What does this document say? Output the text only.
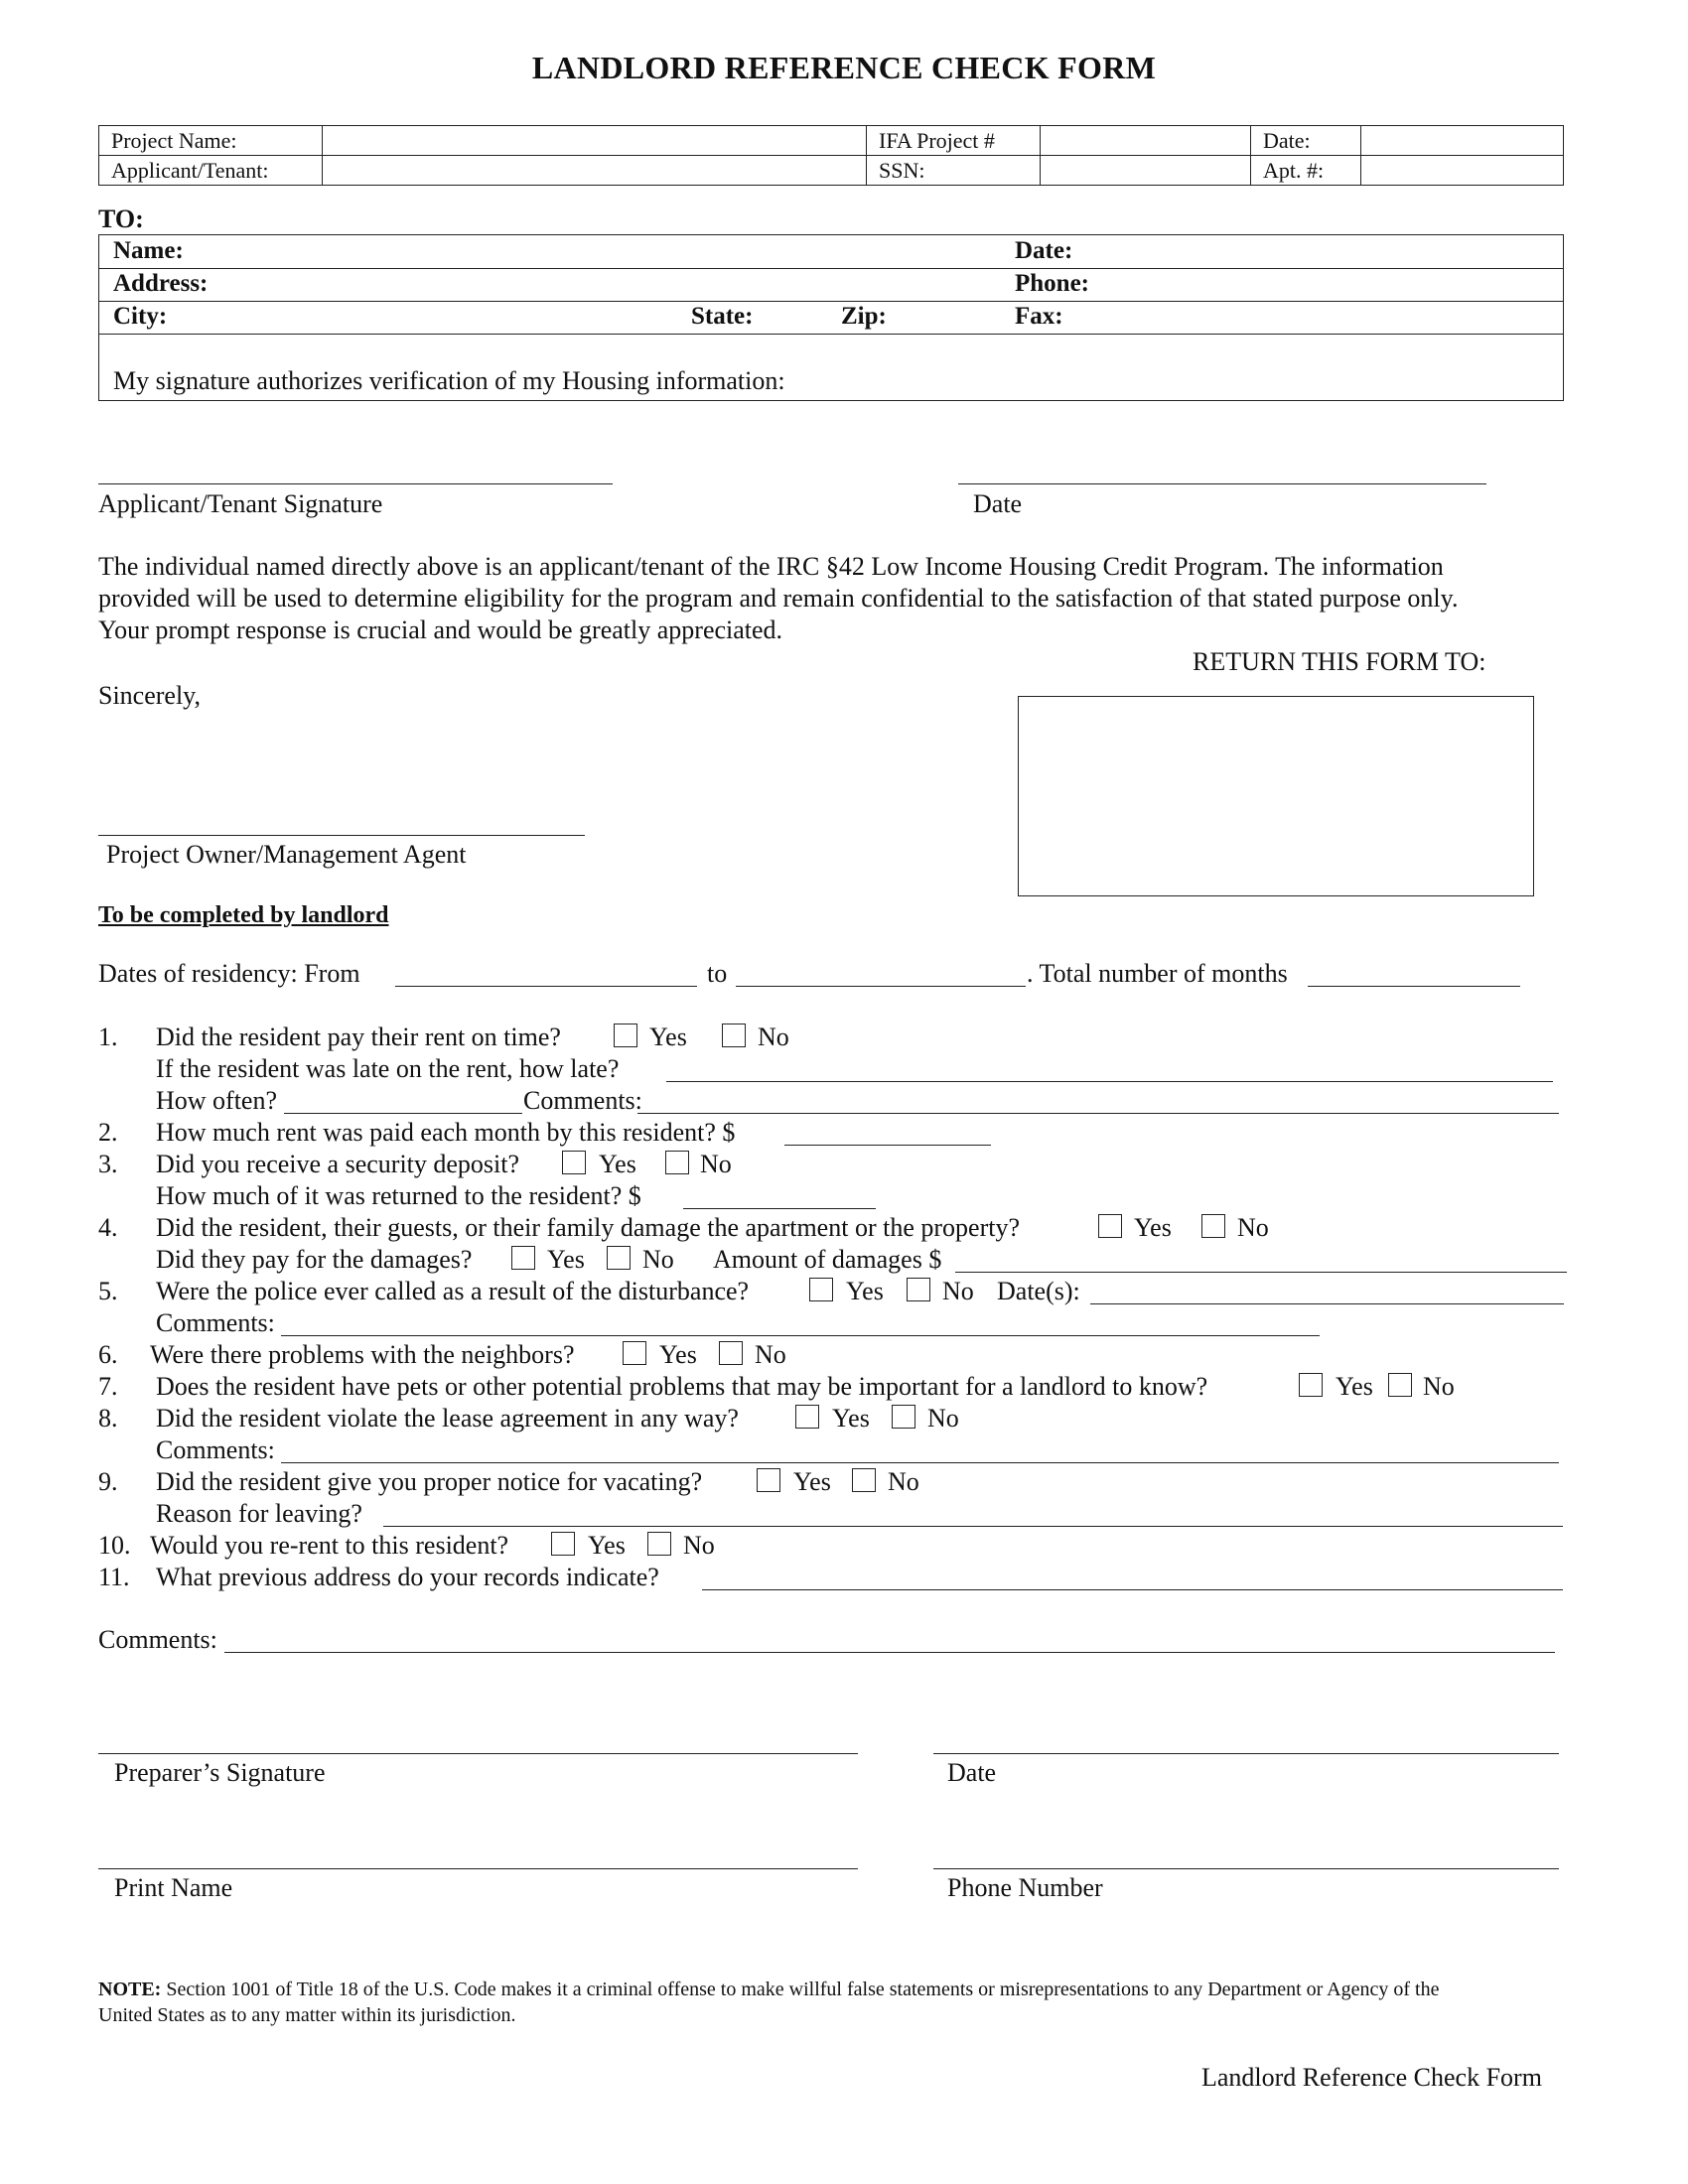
LANDLORD REFERENCE CHECK FORM
Project Name:		IFA Project #		Date:	
Applicant/Tenant:		SSN:		Apt. #:	
TO:
Name:	Date:
Address:	Phone:
City:	State:	Zip:	Fax:
My signature authorizes verification of my Housing information:
Applicant/Tenant Signature	Date
The individual named directly above is an applicant/tenant of the IRC §42 Low Income Housing Credit Program. The information
provided will be used to determine eligibility for the program and remain confidential to the satisfaction of that stated purpose only.
Your prompt response is crucial and would be greatly appreciated.
RETURN THIS FORM TO:
Sincerely,
Project Owner/Management Agent
To be completed by landlord
Dates of residency: From	to	. Total number of months
1. Did the resident pay their rent on time?	Yes	No
If the resident was late on the rent, how late?
How often?	Comments:
2. How much rent was paid each month by this resident? $
3. Did you receive a security deposit?	Yes No
How much of it was returned to the resident? $
4. Did the resident, their guests, or their family damage the apartment or the property?	Yes	No
Did they pay for the damages?	Yes No Amount of damages $
5. Were the police ever called as a result of the disturbance?	Yes No Date(s):
Comments:
6. Were there problems with the neighbors?	Yes No
7. Does the resident have pets or other potential problems that may be important for a landlord to know?	Yes No
8. Did the resident violate the lease agreement in any way?	Yes No
Comments:
9. Did the resident give you proper notice for vacating?	Yes No
Reason for leaving?
10. Would you re-rent to this resident?	Yes No
11. What previous address do your records indicate?
Comments:
Preparer’s Signature	Date
Print Name	Phone Number
NOTE: Section 1001 of Title 18 of the U.S. Code makes it a criminal offense to make willful false statements or misrepresentations to any Department or Agency of the
United States as to any matter within its jurisdiction.
Landlord Reference Check Form
